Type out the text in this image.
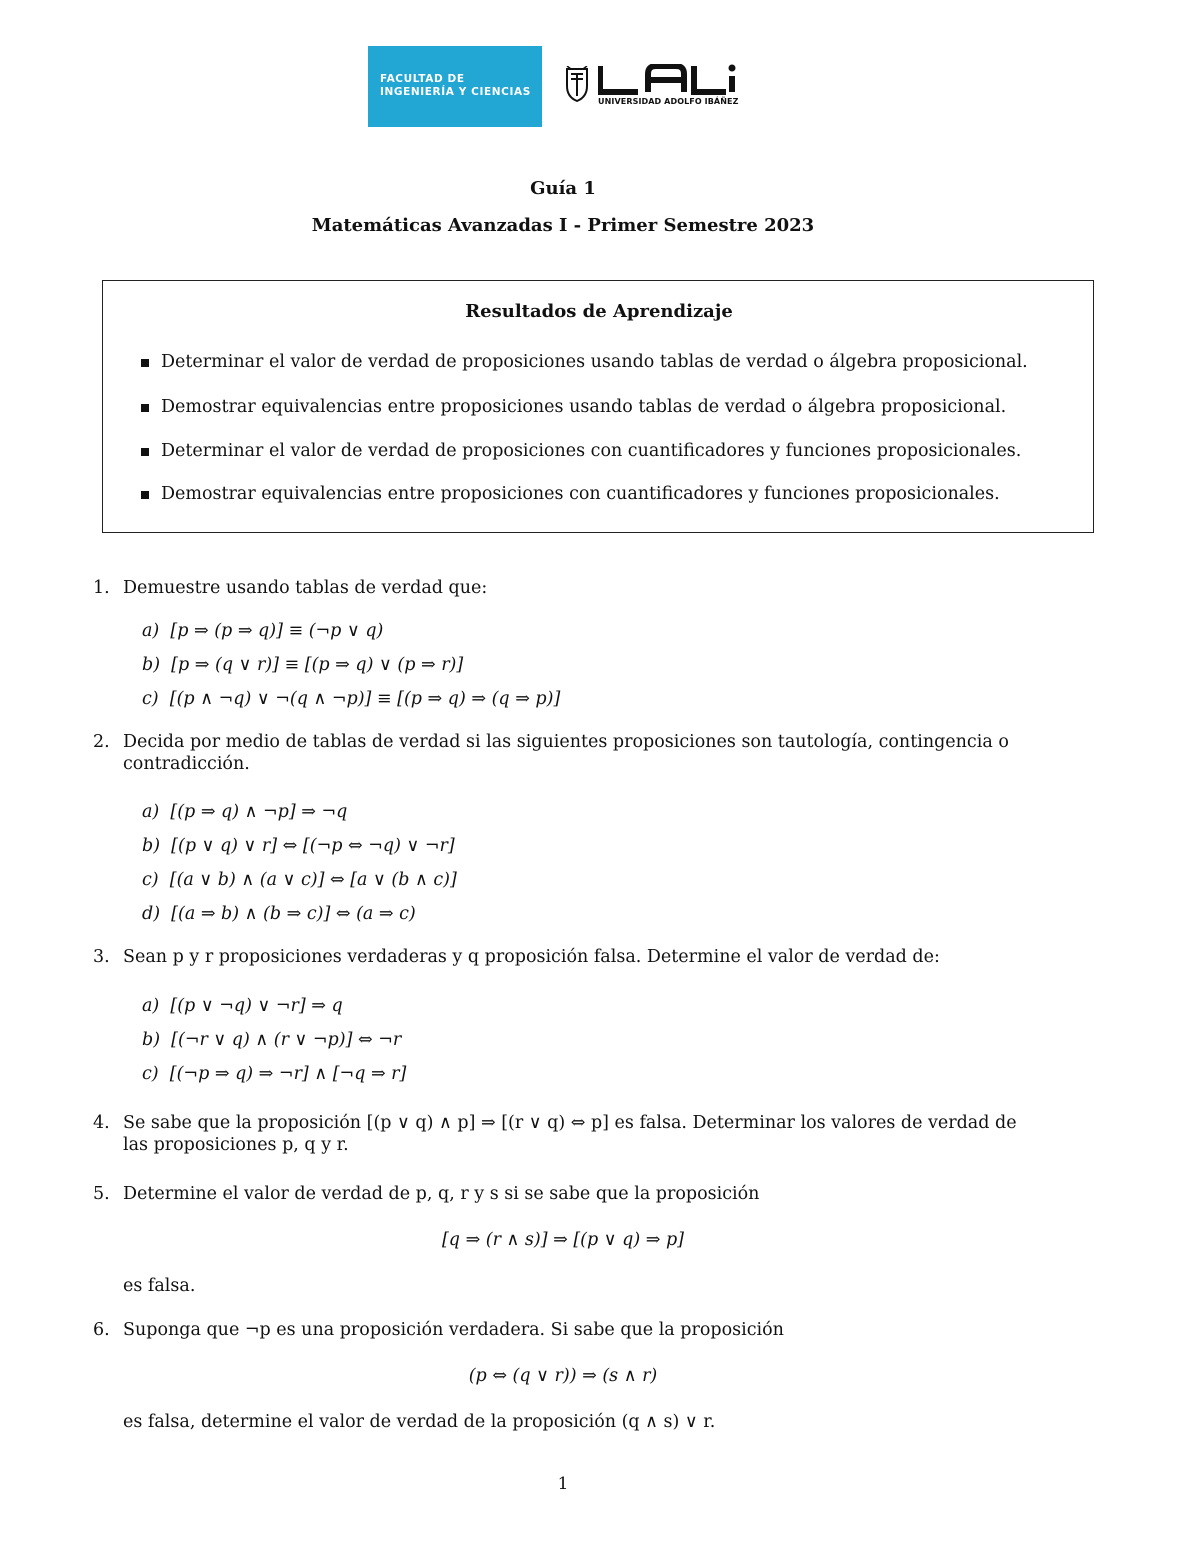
FACULTAD DE
INGENIERÍA Y CIENCIAS
UNIVERSIDAD ADOLFO IBÁÑEZ
Guía 1
Matemáticas Avanzadas I - Primer Semestre 2023
Resultados de Aprendizaje
Determinar el valor de verdad de proposiciones usando tablas de verdad o álgebra proposicional.
Demostrar equivalencias entre proposiciones usando tablas de verdad o álgebra proposicional.
Determinar el valor de verdad de proposiciones con cuantificadores y funciones proposicionales.
Demostrar equivalencias entre proposiciones con cuantificadores y funciones proposicionales.
1. Demuestre usando tablas de verdad que:
a) [p ⇒ (p ⇒ q)] ≡ (¬p ∨ q)
b) [p ⇒ (q ∨ r)] ≡ [(p ⇒ q) ∨ (p ⇒ r)]
c) [(p ∧ ¬q) ∨ ¬(q ∧ ¬p)] ≡ [(p ⇒ q) ⇒ (q ⇒ p)]
2. Decida por medio de tablas de verdad si las siguientes proposiciones son tautología, contingencia o
contradicción.
a) [(p ⇒ q) ∧ ¬p] ⇒ ¬q
b) [(p ∨ q) ∨ r] ⇔ [(¬p ⇔ ¬q) ∨ ¬r]
c) [(a ∨ b) ∧ (a ∨ c)] ⇔ [a ∨ (b ∧ c)]
d) [(a ⇒ b) ∧ (b ⇒ c)] ⇔ (a ⇒ c)
3. Sean p y r proposiciones verdaderas y q proposición falsa. Determine el valor de verdad de:
a) [(p ∨ ¬q) ∨ ¬r] ⇒ q
b) [(¬r ∨ q) ∧ (r ∨ ¬p)] ⇔ ¬r
c) [(¬p ⇒ q) ⇒ ¬r] ∧ [¬q ⇒ r]
4. Se sabe que la proposición [(p ∨ q) ∧ p] ⇒ [(r ∨ q) ⇔ p] es falsa. Determinar los valores de verdad de
las proposiciones p, q y r.
5. Determine el valor de verdad de p, q, r y s si se sabe que la proposición
[q ⇒ (r ∧ s)] ⇒ [(p ∨ q) ⇒ p]
es falsa.
6. Suponga que ¬p es una proposición verdadera. Si sabe que la proposición
(p ⇔ (q ∨ r)) ⇒ (s ∧ r)
es falsa, determine el valor de verdad de la proposición (q ∧ s) ∨ r.
1
